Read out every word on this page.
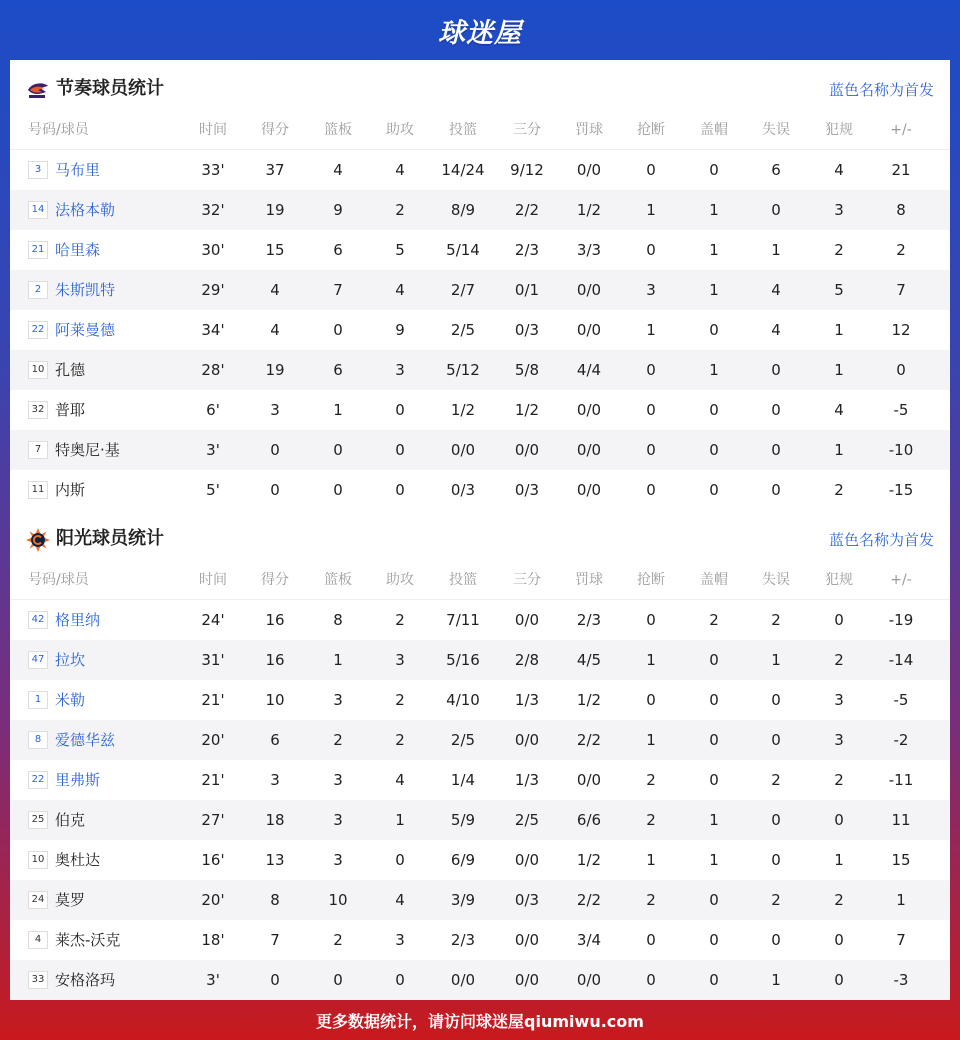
球迷屋
节奏球员统计	蓝色名称为首发
号码/球员	时间	得分	篮板	助攻	投篮	三分	罚球	抢断	盖帽	失误	犯规	+/-
3 马布里	33'	37	4	4	14/24	9/12	0/0	0	0	6	4	21
14 法格本勒	32'	19	9	2	8/9	2/2	1/2	1	1	0	3	8
21 哈里森	30'	15	6	5	5/14	2/3	3/3	0	1	1	2	2
2 朱斯凯特	29'	4	7	4	2/7	0/1	0/0	3	1	4	5	7
22 阿莱曼德	34'	4	0	9	2/5	0/3	0/0	1	0	4	1	12
10 孔德	28'	19	6	3	5/12	5/8	4/4	0	1	0	1	0
32 普耶	6'	3	1	0	1/2	1/2	0/0	0	0	0	4	-5
7 特奥尼·基	3'	0	0	0	0/0	0/0	0/0	0	0	0	1	-10
11 内斯	5'	0	0	0	0/3	0/3	0/0	0	0	0	2	-15
阳光球员统计	蓝色名称为首发
号码/球员	时间	得分	篮板	助攻	投篮	三分	罚球	抢断	盖帽	失误	犯规	+/-
42 格里纳	24'	16	8	2	7/11	0/0	2/3	0	2	2	0	-19
47 拉坎	31'	16	1	3	5/16	2/8	4/5	1	0	1	2	-14
1 米勒	21'	10	3	2	4/10	1/3	1/2	0	0	0	3	-5
8 爱德华兹	20'	6	2	2	2/5	0/0	2/2	1	0	0	3	-2
22 里弗斯	21'	3	3	4	1/4	1/3	0/0	2	0	2	2	-11
25 伯克	27'	18	3	1	5/9	2/5	6/6	2	1	0	0	11
10 奥杜达	16'	13	3	0	6/9	0/0	1/2	1	1	0	1	15
24 莫罗	20'	8	10	4	3/9	0/3	2/2	2	0	2	2	1
4 莱杰-沃克	18'	7	2	3	2/3	0/0	3/4	0	0	0	0	7
33 安格洛玛	3'	0	0	0	0/0	0/0	0/0	0	0	1	0	-3
更多数据统计，请访问球迷屋qiumiwu.com
